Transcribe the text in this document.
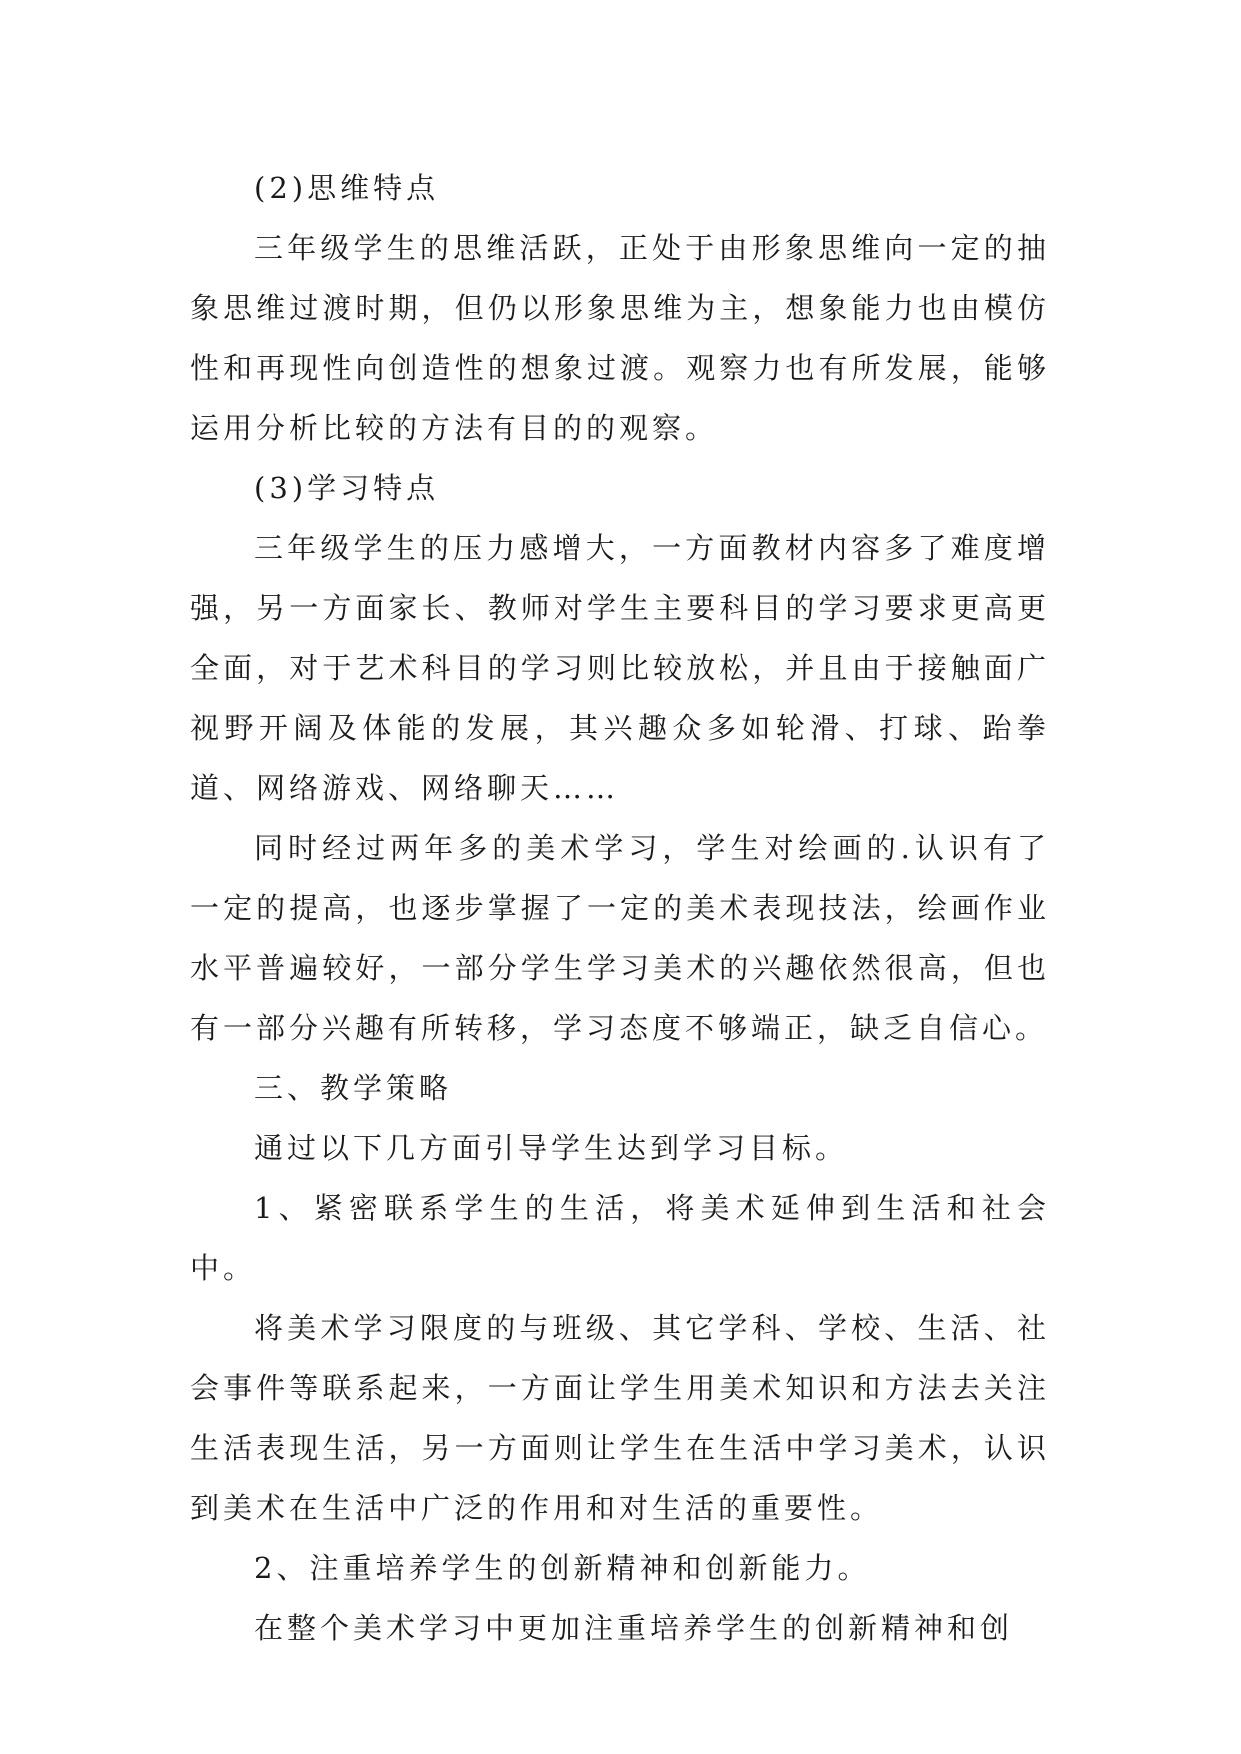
(2)思维特点

三年级学生的思维活跃，正处于由形象思维向一定的抽象思维过渡时期，但仍以形象思维为主，想象能力也由模仿性和再现性向创造性的想象过渡。观察力也有所发展，能够运用分析比较的方法有目的的观察。

(3)学习特点

三年级学生的压力感增大，一方面教材内容多了难度增强，另一方面家长、教师对学生主要科目的学习要求更高更全面，对于艺术科目的学习则比较放松，并且由于接触面广视野开阔及体能的发展，其兴趣众多如轮滑、打球、跆拳道、网络游戏、网络聊天……

同时经过两年多的美术学习，学生对绘画的.认识有了一定的提高，也逐步掌握了一定的美术表现技法，绘画作业水平普遍较好，一部分学生学习美术的兴趣依然很高，但也有一部分兴趣有所转移，学习态度不够端正，缺乏自信心。

三、教学策略

通过以下几方面引导学生达到学习目标。

1、紧密联系学生的生活，将美术延伸到生活和社会中。

将美术学习限度的与班级、其它学科、学校、生活、社会事件等联系起来，一方面让学生用美术知识和方法去关注生活表现生活，另一方面则让学生在生活中学习美术，认识到美术在生活中广泛的作用和对生活的重要性。

2、注重培养学生的创新精神和创新能力。

在整个美术学习中更加注重培养学生的创新精神和创
